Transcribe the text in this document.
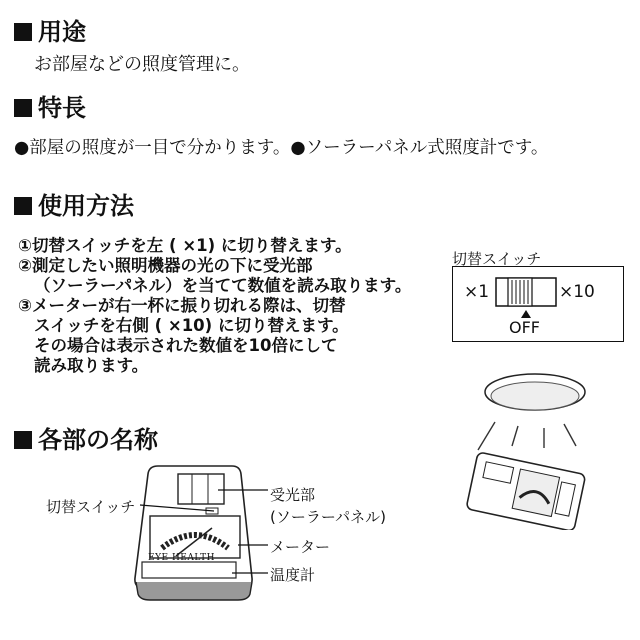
用途
お部屋などの照度管理に。
特長
●部屋の照度が一目で分かります。●ソーラーパネル式照度計です。
使用方法
①切替スイッチを左 ( ×1) に切り替えます。
②測定したい照明機器の光の下に受光部
（ソーラーパネル）を当てて数値を読み取ります。
③メーターが右一杯に振り切れる際は、切替
スイッチを右側 ( ×10) に切り替えます。
その場合は表示された数値を10倍にして
読み取ります。
切替スイッチ
×1	×10
OFF
各部の名称
EYE HEALTH
切替スイッチ
受光部
(ソーラーパネル)
メーター
温度計
